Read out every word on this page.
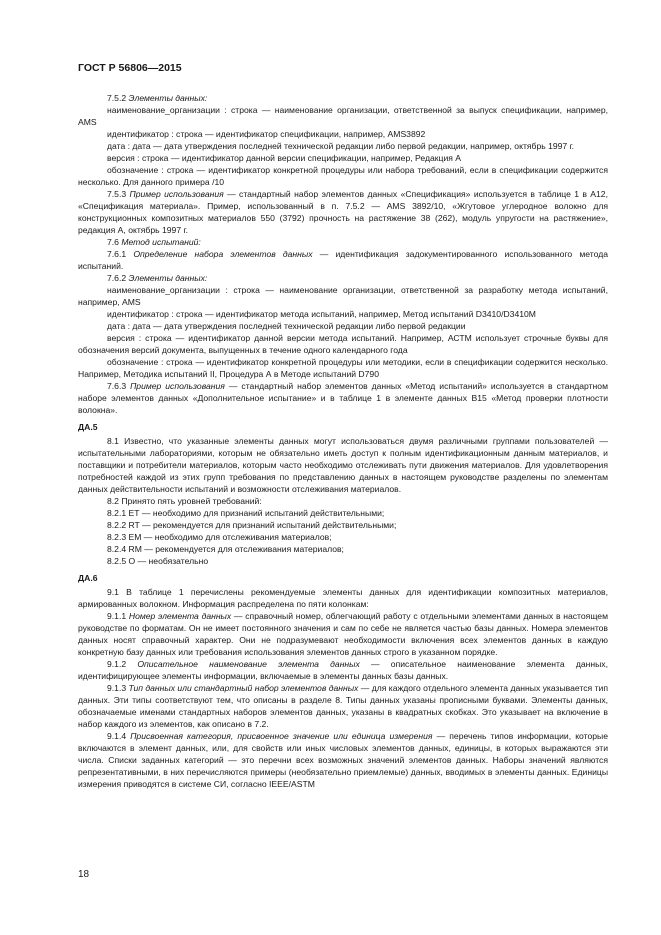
ГОСТ Р 56806—2015

7.5.2 Элементы данных:

наименование_организации : строка — наименование организации, ответственной за выпуск спецификации, например, AMS

идентификатор : строка — идентификатор спецификации, например, AMS3892

дата : дата — дата утверждения последней технической редакции либо первой редакции, например, октябрь 1997 г.

версия : строка — идентификатор данной версии спецификации, например, Редакция А

обозначение : строка — идентификатор конкретной процедуры или набора требований, если в спецификации содержится несколько. Для данного примера /10

7.5.3 Пример использования — стандартный набор элементов данных «Спецификация» используется в таблице 1 в А12, «Спецификация материала». Пример, использованный в п. 7.5.2 — AMS 3892/10, «Жгутовое углеродное волокно для конструкционных композитных материалов 550 (3792) прочность на растяжение 38 (262), модуль упругости на растяжение», редакция А, октябрь 1997 г.

7.6 Метод испытаний:

7.6.1 Определение набора элементов данных — идентификация задокументированного использованного метода испытаний.

7.6.2 Элементы данных:

наименование_организации : строка — наименование организации, ответственной за разработку метода испытаний, например, AMS

идентификатор : строка — идентификатор метода испытаний, например, Метод испытаний D3410/D3410M

дата : дата — дата утверждения последней технической редакции либо первой редакции

версия : строка — идентификатор данной версии метода испытаний. Например, АСТМ использует строчные буквы для обозначения версий документа, выпущенных в течение одного календарного года

обозначение : строка — идентификатор конкретной процедуры или методики, если в спецификации содержится несколько. Например, Методика испытаний II, Процедура А в Методе испытаний D790

7.6.3 Пример использования — стандартный набор элементов данных «Метод испытаний» используется в стандартном наборе элементов данных «Дополнительное испытание» и в таблице 1 в элементе данных В15 «Метод проверки плотности волокна».

ДА.5

8.1 Известно, что указанные элементы данных могут использоваться двумя различными группами пользователей — испытательными лабораториями, которым не обязательно иметь доступ к полным идентификационным данным материалов, и поставщики и потребители материалов, которым часто необходимо отслеживать пути движения материалов. Для удовлетворения потребностей каждой из этих групп требования по представлению данных в настоящем руководстве разделены по элементам данных действительности испытаний и возможности отслеживания материалов.

8.2 Принято пять уровней требований:

8.2.1 ЕТ — необходимо для признаний испытаний действительными;

8.2.2 RT — рекомендуется для признаний испытаний действительными;

8.2.3 ЕМ — необходимо для отслеживания материалов;

8.2.4 RM — рекомендуется для отслеживания материалов;

8.2.5 О — необязательно

ДА.6

9.1 В таблице 1 перечислены рекомендуемые элементы данных для идентификации композитных материалов, армированных волокном. Информация распределена по пяти колонкам:

9.1.1 Номер элемента данных — справочный номер, облегчающий работу с отдельными элементами данных в настоящем руководстве по форматам. Он не имеет постоянного значения и сам по себе не является частью базы данных. Номера элементов данных носят справочный характер. Они не подразумевают необходимости включения всех элементов данных в каждую конкретную базу данных или требования использования элементов данных строго в указанном порядке.

9.1.2 Описательное наименование элемента данных — описательное наименование элемента данных, идентифицирующее элементы информации, включаемые в элементы данных базы данных.

9.1.3 Тип данных или стандартный набор элементов данных — для каждого отдельного элемента данных указывается тип данных. Эти типы соответствуют тем, что описаны в разделе 8. Типы данных указаны прописными буквами. Элементы данных, обозначаемые именами стандартных наборов элементов данных, указаны в квадратных скобках. Это указывает на включение в набор каждого из элементов, как описано в 7.2.

9.1.4 Присвоенная категория, присвоенное значение или единица измерения — перечень типов информации, которые включаются в элемент данных, или, для свойств или иных числовых элементов данных, единицы, в которых выражаются эти числа. Списки заданных категорий — это перечни всех возможных значений элементов данных. Наборы значений являются репрезентативными, в них перечисляются примеры (необязательно приемлемые) данных, вводимых в элементы данных. Единицы измерения приводятся в системе СИ, согласно IEEE/ASTM

18
